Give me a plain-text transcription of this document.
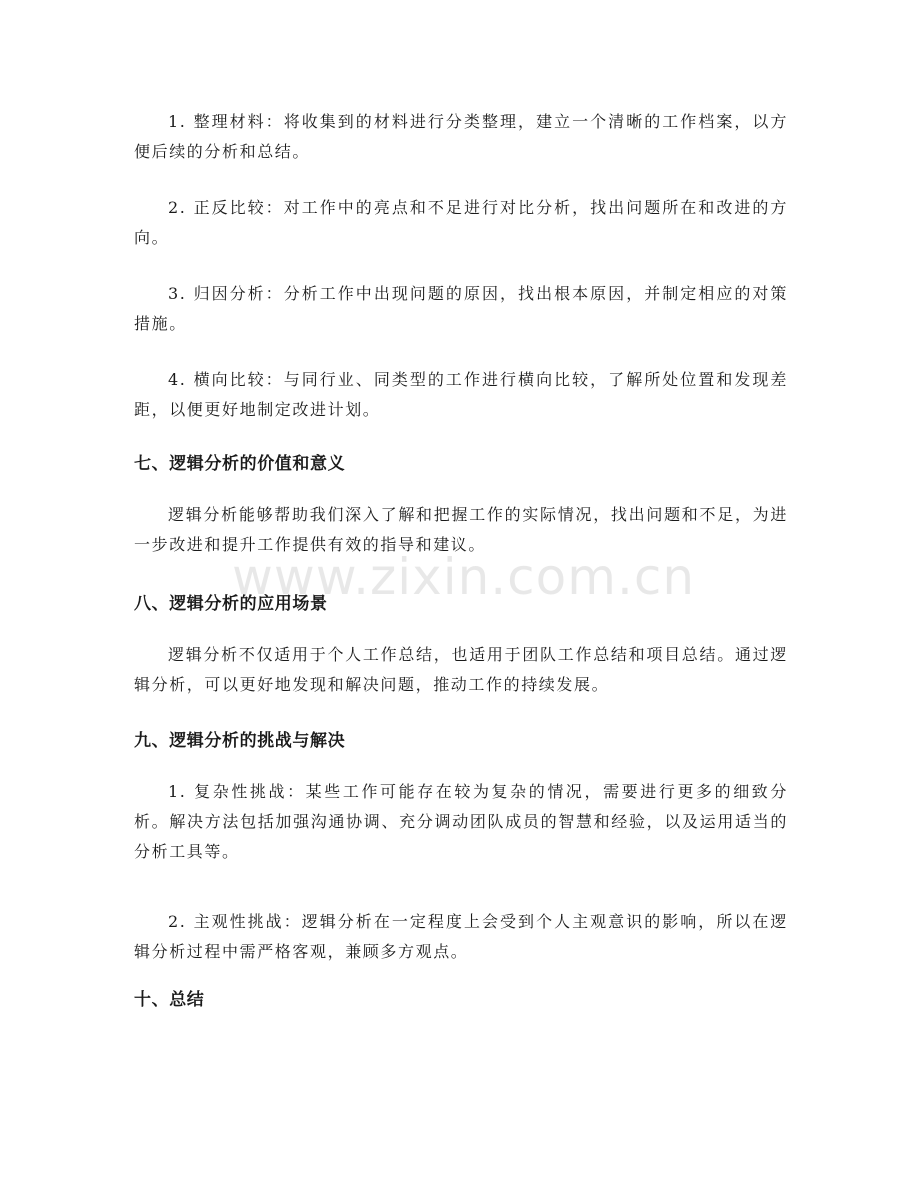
1. 整理材料：将收集到的材料进行分类整理，建立一个清晰的工作档案，以方便后续的分析和总结。

2. 正反比较：对工作中的亮点和不足进行对比分析，找出问题所在和改进的方向。

3. 归因分析：分析工作中出现问题的原因，找出根本原因，并制定相应的对策措施。

4. 横向比较：与同行业、同类型的工作进行横向比较，了解所处位置和发现差距，以便更好地制定改进计划。

七、逻辑分析的价值和意义

逻辑分析能够帮助我们深入了解和把握工作的实际情况，找出问题和不足，为进一步改进和提升工作提供有效的指导和建议。

八、逻辑分析的应用场景

逻辑分析不仅适用于个人工作总结，也适用于团队工作总结和项目总结。通过逻辑分析，可以更好地发现和解决问题，推动工作的持续发展。

九、逻辑分析的挑战与解决

1. 复杂性挑战：某些工作可能存在较为复杂的情况，需要进行更多的细致分析。解决方法包括加强沟通协调、充分调动团队成员的智慧和经验，以及运用适当的分析工具等。

2. 主观性挑战：逻辑分析在一定程度上会受到个人主观意识的影响，所以在逻辑分析过程中需严格客观，兼顾多方观点。

十、总结
www.zixin.com.cn
